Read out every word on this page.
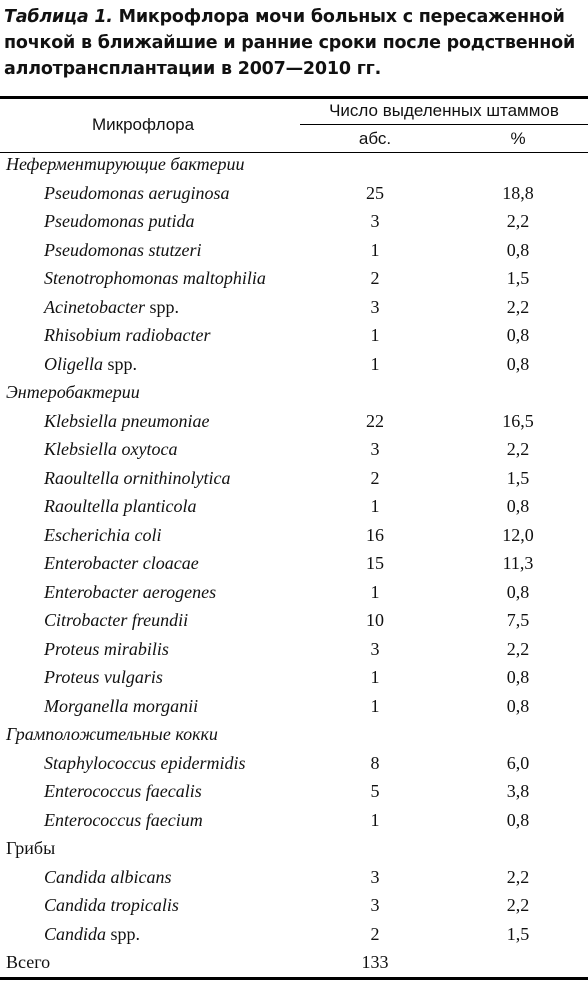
Таблица 1. Микрофлора мочи больных с пересаженной почкой в ближайшие и ранние сроки после родственной аллотрансплантации в 2007—2010 гг.
Микрофлора
Число выделенных штаммов
абс.	%
Неферментирующие бактерии
Pseudomonas aeruginosa	25	18,8
Pseudomonas putida	3	2,2
Pseudomonas stutzeri	1	0,8
Stenotrophomonas maltophilia	2	1,5
Acinetobacter spp.	3	2,2
Rhisobium radiobacter	1	0,8
Oligella spp.	1	0,8
Энтеробактерии
Klebsiella pneumoniae	22	16,5
Klebsiella oxytoca	3	2,2
Raoultella ornithinolytica	2	1,5
Raoultella planticola	1	0,8
Escherichia coli	16	12,0
Enterobacter cloacae	15	11,3
Enterobacter aerogenes	1	0,8
Citrobacter freundii	10	7,5
Proteus mirabilis	3	2,2
Proteus vulgaris	1	0,8
Morganella morganii	1	0,8
Грамположительные кокки
Staphylococcus epidermidis	8	6,0
Enterococcus faecalis	5	3,8
Enterococcus faecium	1	0,8
Грибы
Candida albicans	3	2,2
Candida tropicalis	3	2,2
Candida spp.	2	1,5
Всего	133
